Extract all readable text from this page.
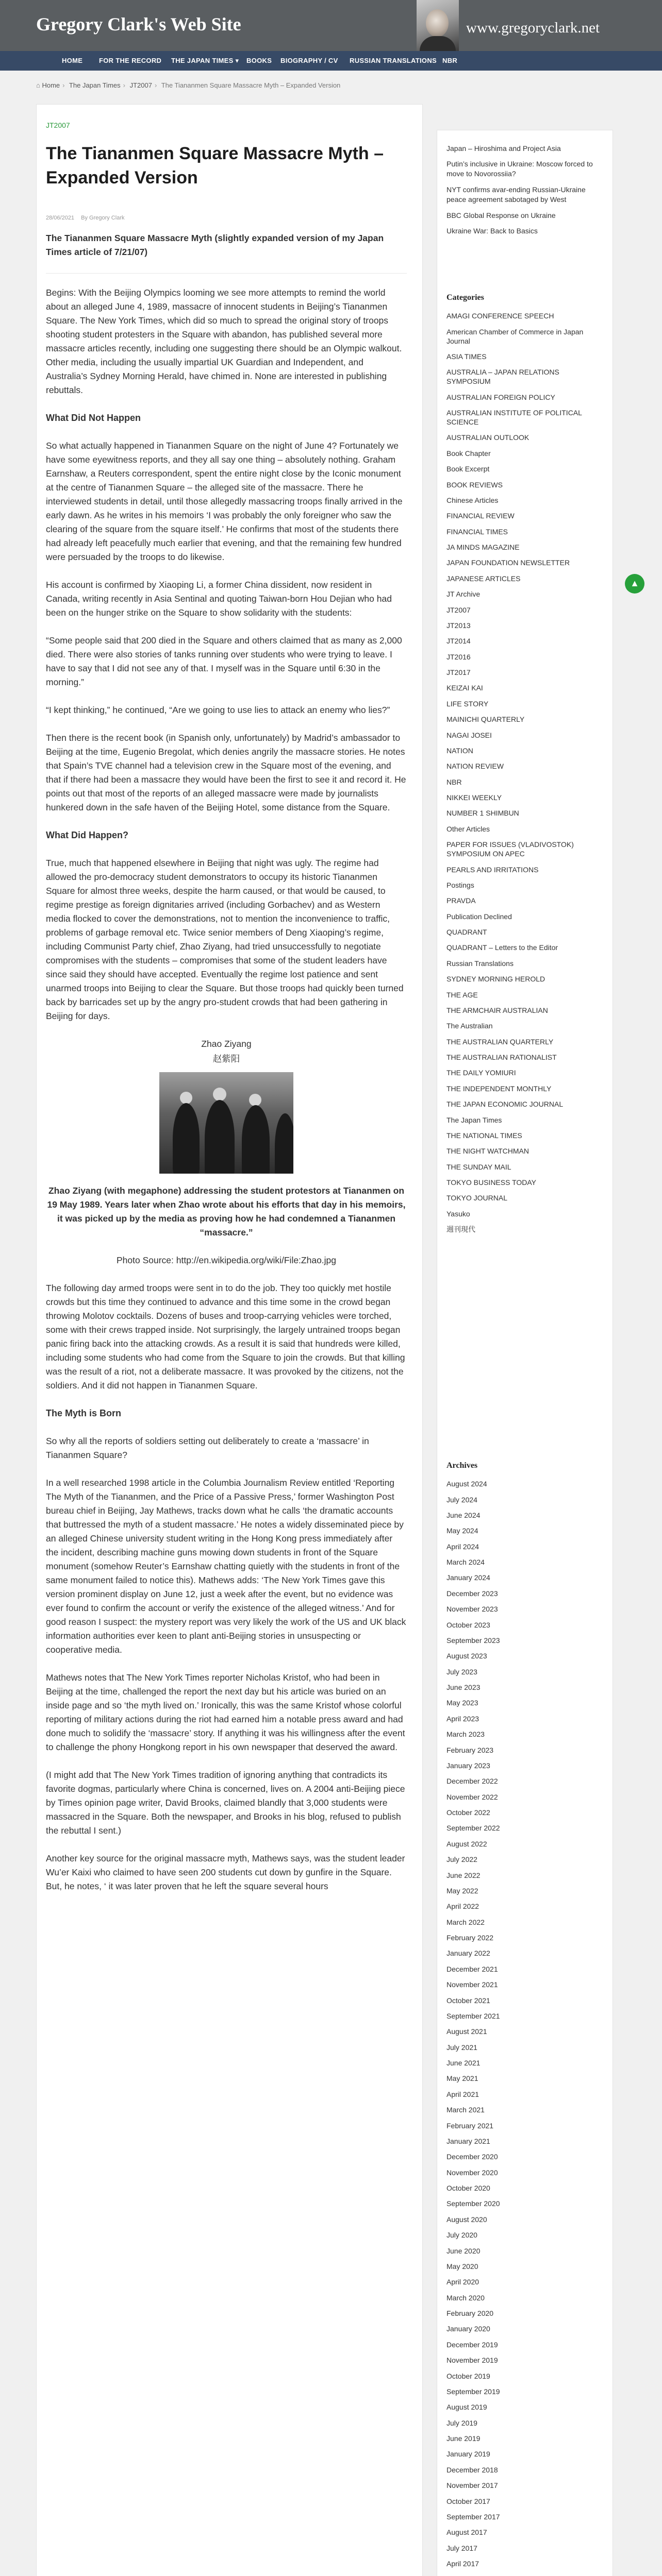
Gregory Clark's Web Site	www.gregoryclark.net
HOME FOR THE RECORD THE JAPAN TIMES ▾ BOOKS BIOGRAPHY / CV RUSSIAN TRANSLATIONS NBR
⌂ Home › The Japan Times › JT2007 › The Tiananmen Square Massacre Myth – Expanded Version
JT2007
The Tiananmen Square Massacre Myth – Expanded Version
28/06/2021 By Gregory Clark

The Tiananmen Square Massacre Myth (slightly expanded version of my Japan Times article of 7/21/07)

Begins: With the Beijing Olympics looming we see more attempts to remind the world about an alleged June 4, 1989, massacre of innocent students in Beijing’s Tiananmen Square. The New York Times, which did so much to spread the original story of troops shooting student protesters in the Square with abandon, has published several more massacre articles recently, including one suggesting there should be an Olympic walkout. Other media, including the usually impartial UK Guardian and Independent, and Australia’s Sydney Morning Herald, have chimed in. None are interested in publishing rebuttals.

What Did Not Happen

So what actually happened in Tiananmen Square on the night of June 4? Fortunately we have some eyewitness reports, and they all say one thing – absolutely nothing. Graham Earnshaw, a Reuters correspondent, spent the entire night close by the Iconic monument at the centre of Tiananmen Square – the alleged site of the massacre. There he interviewed students in detail, until those allegedly massacring troops finally arrived in the early dawn. As he writes in his memoirs ‘I was probably the only foreigner who saw the clearing of the square from the square itself.’ He confirms that most of the students there had already left peacefully much earlier that evening, and that the remaining few hundred were persuaded by the troops to do likewise.

His account is confirmed by Xiaoping Li, a former China dissident, now resident in Canada, writing recently in Asia Sentinal and quoting Taiwan-born Hou Dejian who had been on the hunger strike on the Square to show solidarity with the students:

“Some people said that 200 died in the Square and others claimed that as many as 2,000 died. There were also stories of tanks running over students who were trying to leave. I have to say that I did not see any of that. I myself was in the Square until 6:30 in the morning.”

“I kept thinking,” he continued, “Are we going to use lies to attack an enemy who lies?”

Then there is the recent book (in Spanish only, unfortunately) by Madrid’s ambassador to Beijing at the time, Eugenio Bregolat, which denies angrily the massacre stories. He notes that Spain’s TVE channel had a television crew in the Square most of the evening, and that if there had been a massacre they would have been the first to see it and record it. He points out that most of the reports of an alleged massacre were made by journalists hunkered down in the safe haven of the Beijing Hotel, some distance from the Square.

What Did Happen?

True, much that happened elsewhere in Beijing that night was ugly. The regime had allowed the pro-democracy student demonstrators to occupy its historic Tiananmen Square for almost three weeks, despite the harm caused, or that would be caused, to regime prestige as foreign dignitaries arrived (including Gorbachev) and as Western media flocked to cover the demonstrations, not to mention the inconvenience to traffic, problems of garbage removal etc. Twice senior members of Deng Xiaoping’s regime, including Communist Party chief, Zhao Ziyang, had tried unsuccessfully to negotiate compromises with the students – compromises that some of the student leaders have since said they should have accepted. Eventually the regime lost patience and sent unarmed troops into Beijing to clear the Square. But those troops had quickly been turned back by barricades set up by the angry pro-student crowds that had been gathering in Beijing for days.

Zhao Ziyang

赵紫阳

Zhao Ziyang (with megaphone) addressing the student protestors at Tiananmen on 19 May 1989. Years later when Zhao wrote about his efforts that day in his memoirs, it was picked up by the media as proving how he had condemned a Tiananmen “massacre.”

Photo Source: http://en.wikipedia.org/wiki/File:Zhao.jpg

The following day armed troops were sent in to do the job. They too quickly met hostile crowds but this time they continued to advance and this time some in the crowd began throwing Molotov cocktails. Dozens of buses and troop-carrying vehicles were torched, some with their crews trapped inside. Not surprisingly, the largely untrained troops began panic firing back into the attacking crowds. As a result it is said that hundreds were killed, including some students who had come from the Square to join the crowds. But that killing was the result of a riot, not a deliberate massacre. It was provoked by the citizens, not the soldiers. And it did not happen in Tiananmen Square.

The Myth is Born

So why all the reports of soldiers setting out deliberately to create a ‘massacre’ in Tiananmen Square?

In a well researched 1998 article in the Columbia Journalism Review entitled ‘Reporting The Myth of the Tiananmen, and the Price of a Passive Press,’ former Washington Post bureau chief in Beijing, Jay Mathews, tracks down what he calls ‘the dramatic accounts that buttressed the myth of a student massacre.’ He notes a widely disseminated piece by an alleged Chinese university student writing in the Hong Kong press immediately after the incident, describing machine guns mowing down students in front of the Square monument (somehow Reuter’s Earnshaw chatting quietly with the students in front of the same monument failed to notice this). Mathews adds: ‘The New York Times gave this version prominent display on June 12, just a week after the event, but no evidence was ever found to confirm the account or verify the existence of the alleged witness.’ And for good reason I suspect: the mystery report was very likely the work of the US and UK black information authorities ever keen to plant anti-Beijing stories in unsuspecting or cooperative media.

Mathews notes that The New York Times reporter Nicholas Kristof, who had been in Beijing at the time, challenged the report the next day but his article was buried on an inside page and so ‘the myth lived on.’ Ironically, this was the same Kristof whose colorful reporting of military actions during the riot had earned him a notable press award and had done much to solidify the ‘massacre’ story. If anything it was his willingness after the event to challenge the phony Hongkong report in his own newspaper that deserved the award.

(I might add that The New York Times tradition of ignoring anything that contradicts its favorite dogmas, particularly where China is concerned, lives on. A 2004 anti-Beijing piece by Times opinion page writer, David Brooks, claimed blandly that 3,000 students were massacred in the Square. Both the newspaper, and Brooks in his blog, refused to publish the rebuttal I sent.)

Another key source for the original massacre myth, Mathews says, was the student leader Wu’er Kaixi who claimed to have seen 200 students cut down by gunfire in the Square. But, he notes, ‘ it was later proven that he left the square several hours

Japan – Hiroshima and Project Asia
Putin’s inclusive in Ukraine: Moscow forced to move to Novorossiia?
NYT confirms avar-ending Russian-Ukraine peace agreement sabotaged by West
BBC Global Response on Ukraine
Ukraine War: Back to Basics
Categories
AMAGI CONFERENCE SPEECH
American Chamber of Commerce in Japan Journal
ASIA TIMES
AUSTRALIA – JAPAN RELATIONS SYMPOSIUM
AUSTRALIAN FOREIGN POLICY
AUSTRALIAN INSTITUTE OF POLITICAL SCIENCE
AUSTRALIAN OUTLOOK
Book Chapter
Book Excerpt
BOOK REVIEWS
Chinese Articles
FINANCIAL REVIEW
FINANCIAL TIMES
JA MINDS MAGAZINE
JAPAN FOUNDATION NEWSLETTER
JAPANESE ARTICLES
JT Archive
JT2007
JT2013
JT2014
JT2016
JT2017
KEIZAI KAI
LIFE STORY
MAINICHI QUARTERLY
NAGAI JOSEI
NATION
NATION REVIEW
NBR
NIKKEI WEEKLY
NUMBER 1 SHIMBUN
Other Articles
PAPER FOR ISSUES (VLADIVOSTOK) SYMPOSIUM ON APEC
PEARLS AND IRRITATIONS
Postings
PRAVDA
Publication Declined
QUADRANT
QUADRANT – Letters to the Editor
Russian Translations
SYDNEY MORNING HEROLD
THE AGE
THE ARMCHAIR AUSTRALIAN
The Australian
THE AUSTRALIAN QUARTERLY
THE AUSTRALIAN RATIONALIST
THE DAILY YOMIURI
THE INDEPENDENT MONTHLY
THE JAPAN ECONOMIC JOURNAL
The Japan Times
THE NATIONAL TIMES
THE NIGHT WATCHMAN
THE SUNDAY MAIL
TOKYO BUSINESS TODAY
TOKYO JOURNAL
Yasuko
週刊現代
Archives
August 2024
July 2024
June 2024
May 2024
April 2024
March 2024
January 2024
December 2023
November 2023
October 2023
September 2023
August 2023
July 2023
June 2023
May 2023
April 2023
March 2023
February 2023
January 2023
December 2022
November 2022
October 2022
September 2022
August 2022
July 2022
June 2022
May 2022
April 2022
March 2022
February 2022
January 2022
December 2021
November 2021
October 2021
September 2021
August 2021
July 2021
June 2021
May 2021
April 2021
March 2021
February 2021
January 2021
December 2020
November 2020
October 2020
September 2020
August 2020
July 2020
June 2020
May 2020
April 2020
March 2020
February 2020
January 2020
December 2019
November 2019
October 2019
September 2019
August 2019
July 2019
June 2019
January 2019
December 2018
November 2017
October 2017
September 2017
August 2017
July 2017
April 2017
▲
